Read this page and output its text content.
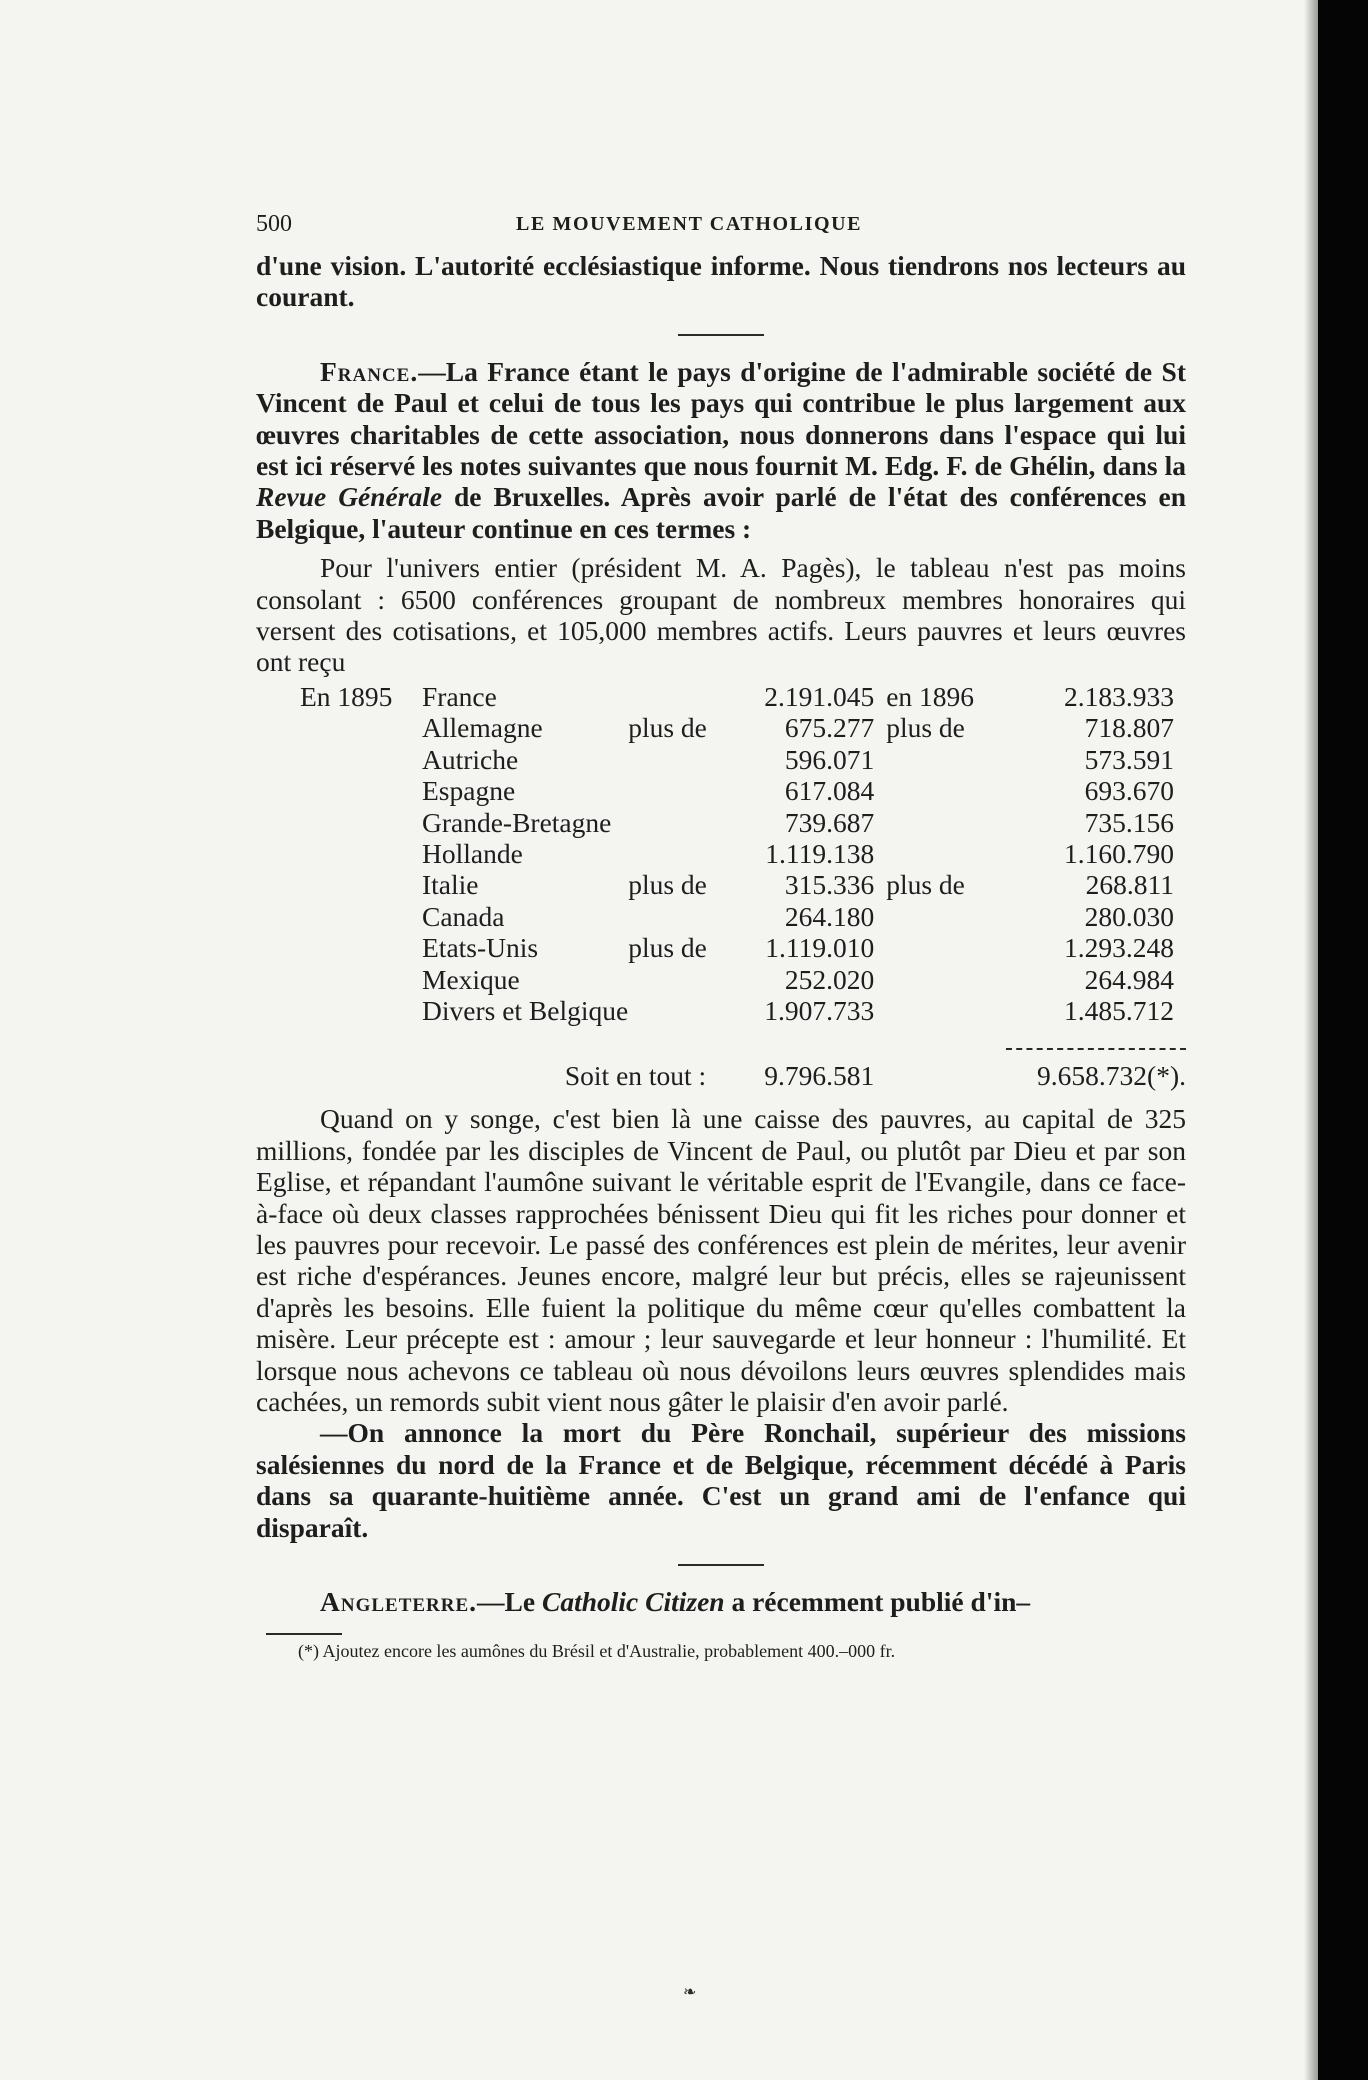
500	LE MOUVEMENT CATHOLIQUE

d'une vision. L'autorité ecclésiastique informe. Nous tiendrons nos lecteurs au courant.

France.—La France étant le pays d'origine de l'admirable société de St Vincent de Paul et celui de tous les pays qui contribue le plus largement aux œuvres charitables de cette association, nous donnerons dans l'espace qui lui est ici réservé les notes suivantes que nous fournit M. Edg. F. de Ghélin, dans la Revue Générale de Bruxelles. Après avoir parlé de l'état des conférences en Belgique, l'auteur continue en ces termes :

Pour l'univers entier (président M. A. Pagès), le tableau n'est pas moins consolant : 6500 conférences groupant de nombreux membres honoraires qui versent des cotisations, et 105,000 membres actifs. Leurs pauvres et leurs œuvres ont reçu

En 1895	France		2.191.045	en 1896		2.183.933
	Allemagne	plus de	675.277	plus de		718.807
	Autriche		596.071			573.591
	Espagne		617.084			693.670
	Grande-Bretagne		739.687			735.156
	Hollande		1.119.138			1.160.790
	Italie	plus de	315.336	plus de		268.811
	Canada		264.180			280.030
	Etats-Unis	plus de	1.119.010			1.293.248
	Mexique		252.020			264.984
	Divers et Belgique		1.907.733			1.485.712

Soit en tout :			9.796.581	9.658.732(*).		

Quand on y songe, c'est bien là une caisse des pauvres, au capital de 325 millions, fondée par les disciples de Vincent de Paul, ou plutôt par Dieu et par son Eglise, et répandant l'aumône suivant le véritable esprit de l'Evangile, dans ce face-à-face où deux classes rapprochées bénissent Dieu qui fit les riches pour donner et les pauvres pour recevoir. Le passé des conférences est plein de mérites, leur avenir est riche d'espérances. Jeunes encore, malgré leur but précis, elles se rajeunissent d'après les besoins. Elle fuient la politique du même cœur qu'elles combattent la misère. Leur précepte est : amour ; leur sauvegarde et leur honneur : l'humilité. Et lorsque nous achevons ce tableau où nous dévoilons leurs œuvres splendides mais cachées, un remords subit vient nous gâter le plaisir d'en avoir parlé.

—On annonce la mort du Père Ronchail, supérieur des missions salésiennes du nord de la France et de Belgique, récemment décédé à Paris dans sa quarante-huitième année. C'est un grand ami de l'enfance qui disparaît.

Angleterre.—Le Catholic Citizen a récemment publié d'in–

(*) Ajoutez encore les aumônes du Brésil et d'Australie, probablement 400.–000 fr.

❧
